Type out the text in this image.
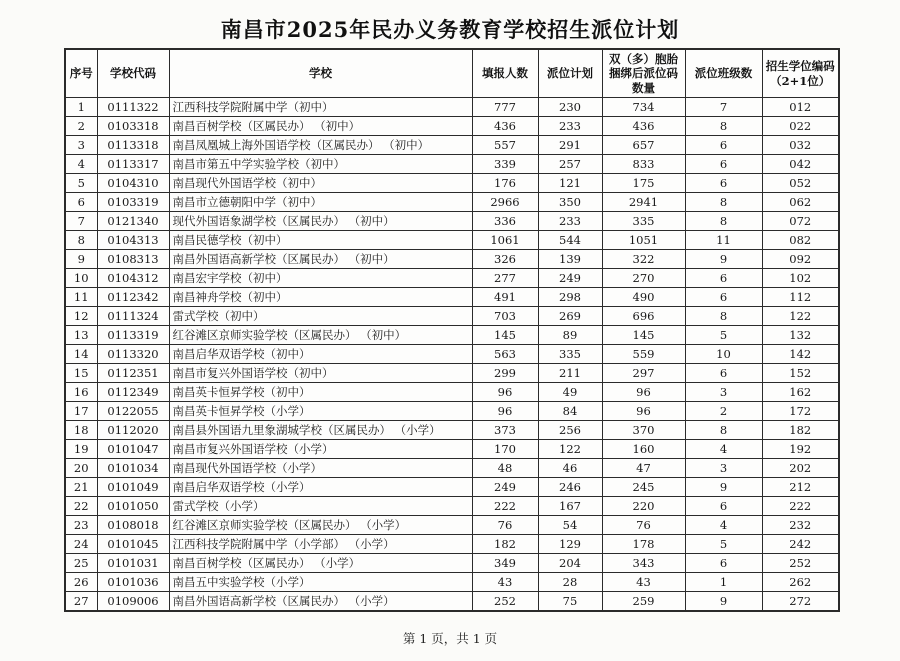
南昌市2025年民办义务教育学校招生派位计划
序号	学校代码	学校	填报人数	派位计划	双（多）胞胎捆绑后派位码数量	派位班级数	招生学位编码（2+1位）
1	0111322	江西科技学院附属中学（初中）	777	230	734	7	012
2	0103318	南昌百树学校（区属民办） （初中）	436	233	436	8	022
3	0113318	南昌凤凰城上海外国语学校（区属民办） （初中）	557	291	657	6	032
4	0113317	南昌市第五中学实验学校（初中）	339	257	833	6	042
5	0104310	南昌现代外国语学校（初中）	176	121	175	6	052
6	0103319	南昌市立德朝阳中学（初中）	2966	350	2941	8	062
7	0121340	现代外国语象湖学校（区属民办） （初中）	336	233	335	8	072
8	0104313	南昌民德学校（初中）	1061	544	1051	11	082
9	0108313	南昌外国语高新学校（区属民办） （初中）	326	139	322	9	092
10	0104312	南昌宏宇学校（初中）	277	249	270	6	102
11	0112342	南昌神舟学校（初中）	491	298	490	6	112
12	0111324	雷式学校（初中）	703	269	696	8	122
13	0113319	红谷滩区京师实验学校（区属民办） （初中）	145	89	145	5	132
14	0113320	南昌启华双语学校（初中）	563	335	559	10	142
15	0112351	南昌市复兴外国语学校（初中）	299	211	297	6	152
16	0112349	南昌英卡恒昇学校（初中）	96	49	96	3	162
17	0122055	南昌英卡恒昇学校（小学）	96	84	96	2	172
18	0112020	南昌县外国语九里象湖城学校（区属民办） （小学）	373	256	370	8	182
19	0101047	南昌市复兴外国语学校（小学）	170	122	160	4	192
20	0101034	南昌现代外国语学校（小学）	48	46	47	3	202
21	0101049	南昌启华双语学校（小学）	249	246	245	9	212
22	0101050	雷式学校（小学）	222	167	220	6	222
23	0108018	红谷滩区京师实验学校（区属民办） （小学）	76	54	76	4	232
24	0101045	江西科技学院附属中学（小学部） （小学）	182	129	178	5	242
25	0101031	南昌百树学校（区属民办） （小学）	349	204	343	6	252
26	0101036	南昌五中实验学校（小学）	43	28	43	1	262
27	0109006	南昌外国语高新学校（区属民办） （小学）	252	75	259	9	272
第 1 页，共 1 页
